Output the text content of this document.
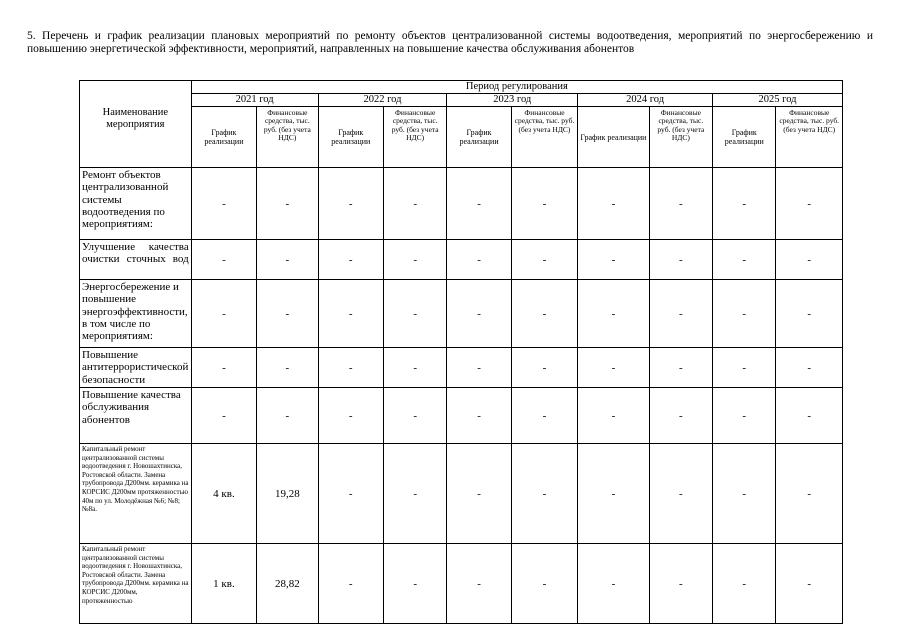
5. Перечень и график реализации плановых мероприятий по ремонту объектов централизованной системы водоотведения, мероприятий по энергосбережению и повышению энергетической эффективности, мероприятий, направленных на повышение качества обслуживания абонентов
Наименование мероприятия	Период регулирования									
	2021 год		2022 год		2023 год		2024 год		2025 год	
	График реализации	Финансовые средства, тыс. руб. (без учета НДС)	График реализации	Финансовые средства, тыс. руб. (без учета НДС)	График реализации	Финансовые средства, тыс. руб. (без учета НДС)	График реализации	Финансовые средства, тыс. руб. (без учета НДС)	График реализации	Финансовые средства, тыс. руб. (без учета НДС)
Ремонт объектов централизованной системы водоотведения по мероприятиям:	-	-	-	-	-	-	-	-	-	-
Улучшение качества очистки сточных вод	-	-	-	-	-	-	-	-	-	-
Энергосбережение и повышение энергоэффективности, в том числе по мероприятиям:	-	-	-	-	-	-	-	-	-	-
Повышение антитеррористической безопасности	-	-	-	-	-	-	-	-	-	-
Повышение качества обслуживания абонентов	-	-	-	-	-	-	-	-	-	-
Капитальный ремонт централизованной системы водоотведения г. Новошахтинска, Ростовской области. Замена трубопровода Д200мм. керамика на КОРСИС Д200мм протяженностью 40м по ул. Молодёжная №6; №8; №8а.	4 кв.	19,28	-	-	-	-	-	-	-	-
Капитальный ремонт централизованной системы водоотведения г. Новошахтинска, Ростовской области. Замена трубопровода Д200мм. керамика на КОРСИС Д200мм, протяженностью	1 кв.	28,82	-	-	-	-	-	-	-	-
